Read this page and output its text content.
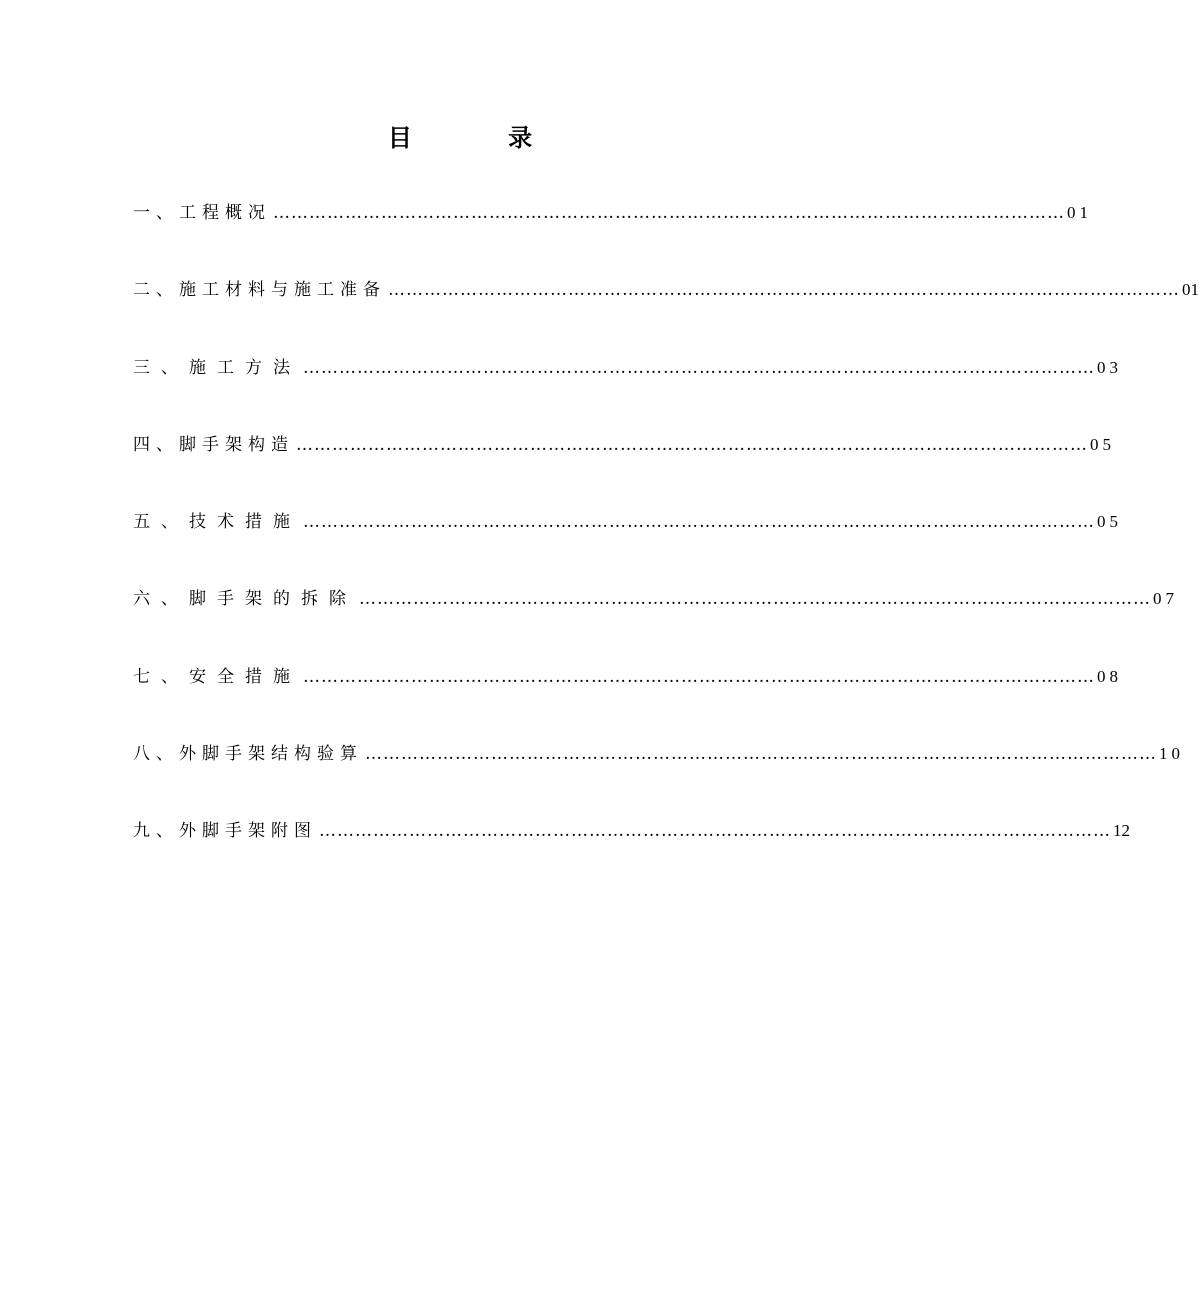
目 录
一、工程概况 …………………………………………………………………………………………………………………… 01
二、施工材料与施工准备 …………………………………………………………………………………………………………………… 01
三、施工方法 …………………………………………………………………………………………………………………… 03
四、脚手架构造 …………………………………………………………………………………………………………………… 05
五、技术措施 …………………………………………………………………………………………………………………… 05
六、脚手架的拆除 …………………………………………………………………………………………………………………… 07
七、安全措施 …………………………………………………………………………………………………………………… 08
八、外脚手架结构验算 …………………………………………………………………………………………………………………… 10
九、外脚手架附图 …………………………………………………………………………………………………………………… 12
